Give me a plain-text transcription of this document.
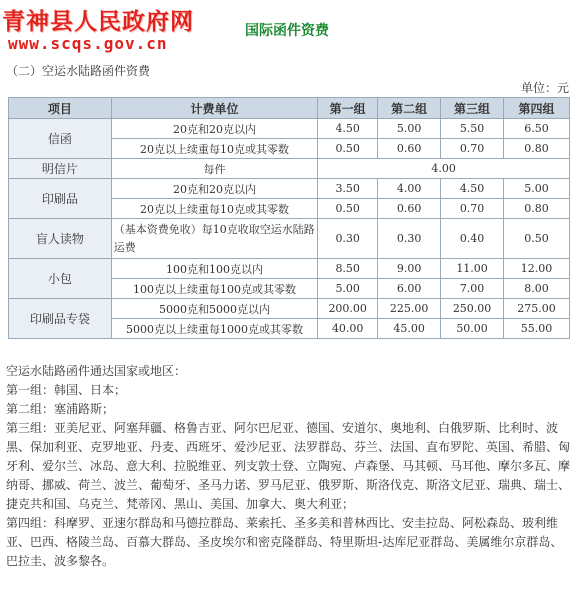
青神县人民政府网
www.scqs.gov.cn
国际函件资费
（二）空运水陆路函件资费
单位：元
项目	计费单位	第一组	第二组	第三组	第四组
信函	20克和20克以内	4.50	5.00	5.50	6.50
	20克以上续重每10克或其零数	0.50	0.60	0.70	0.80
明信片	每件	4.00			
印刷品	20克和20克以内	3.50	4.00	4.50	5.00
	20克以上续重每10克或其零数	0.50	0.60	0.70	0.80
盲人读物	（基本资费免收）每10克收取空运水陆路运费	0.30	0.30	0.40	0.50
小包	100克和100克以内	8.50	9.00	11.00	12.00
	100克以上续重每100克或其零数	5.00	6.00	7.00	8.00
印刷品专袋	5000克和5000克以内	200.00	225.00	250.00	275.00
	5000克以上续重每1000克或其零数	40.00	45.00	50.00	55.00

空运水陆路函件通达国家或地区：

第一组：韩国、日本；

第二组：塞浦路斯；

第三组：亚美尼亚、阿塞拜疆、格鲁吉亚、阿尔巴尼亚、德国、安道尔、奥地利、白俄罗斯、比利时、波黑、保加利亚、克罗地亚、丹麦、西班牙、爱沙尼亚、法罗群岛、芬兰、法国、直布罗陀、英国、希腊、匈牙利、爱尔兰、冰岛、意大利、拉脱维亚、列支敦士登、立陶宛、卢森堡、马其顿、马耳他、摩尔多瓦、摩纳哥、挪威、荷兰、波兰、葡萄牙、圣马力诺、罗马尼亚、俄罗斯、斯洛伐克、斯洛文尼亚、瑞典、瑞士、捷克共和国、乌克兰、梵蒂冈、黑山、美国、加拿大、奥大利亚；

第四组：科摩罗、亚速尔群岛和马德拉群岛、莱索托、圣多美和普林西比、安圭拉岛、阿松森岛、玻利维亚、巴西、格陵兰岛、百慕大群岛、圣皮埃尔和密克隆群岛、特里斯坦-达库尼亚群岛、美属维尔京群岛、巴拉圭、波多黎各。
